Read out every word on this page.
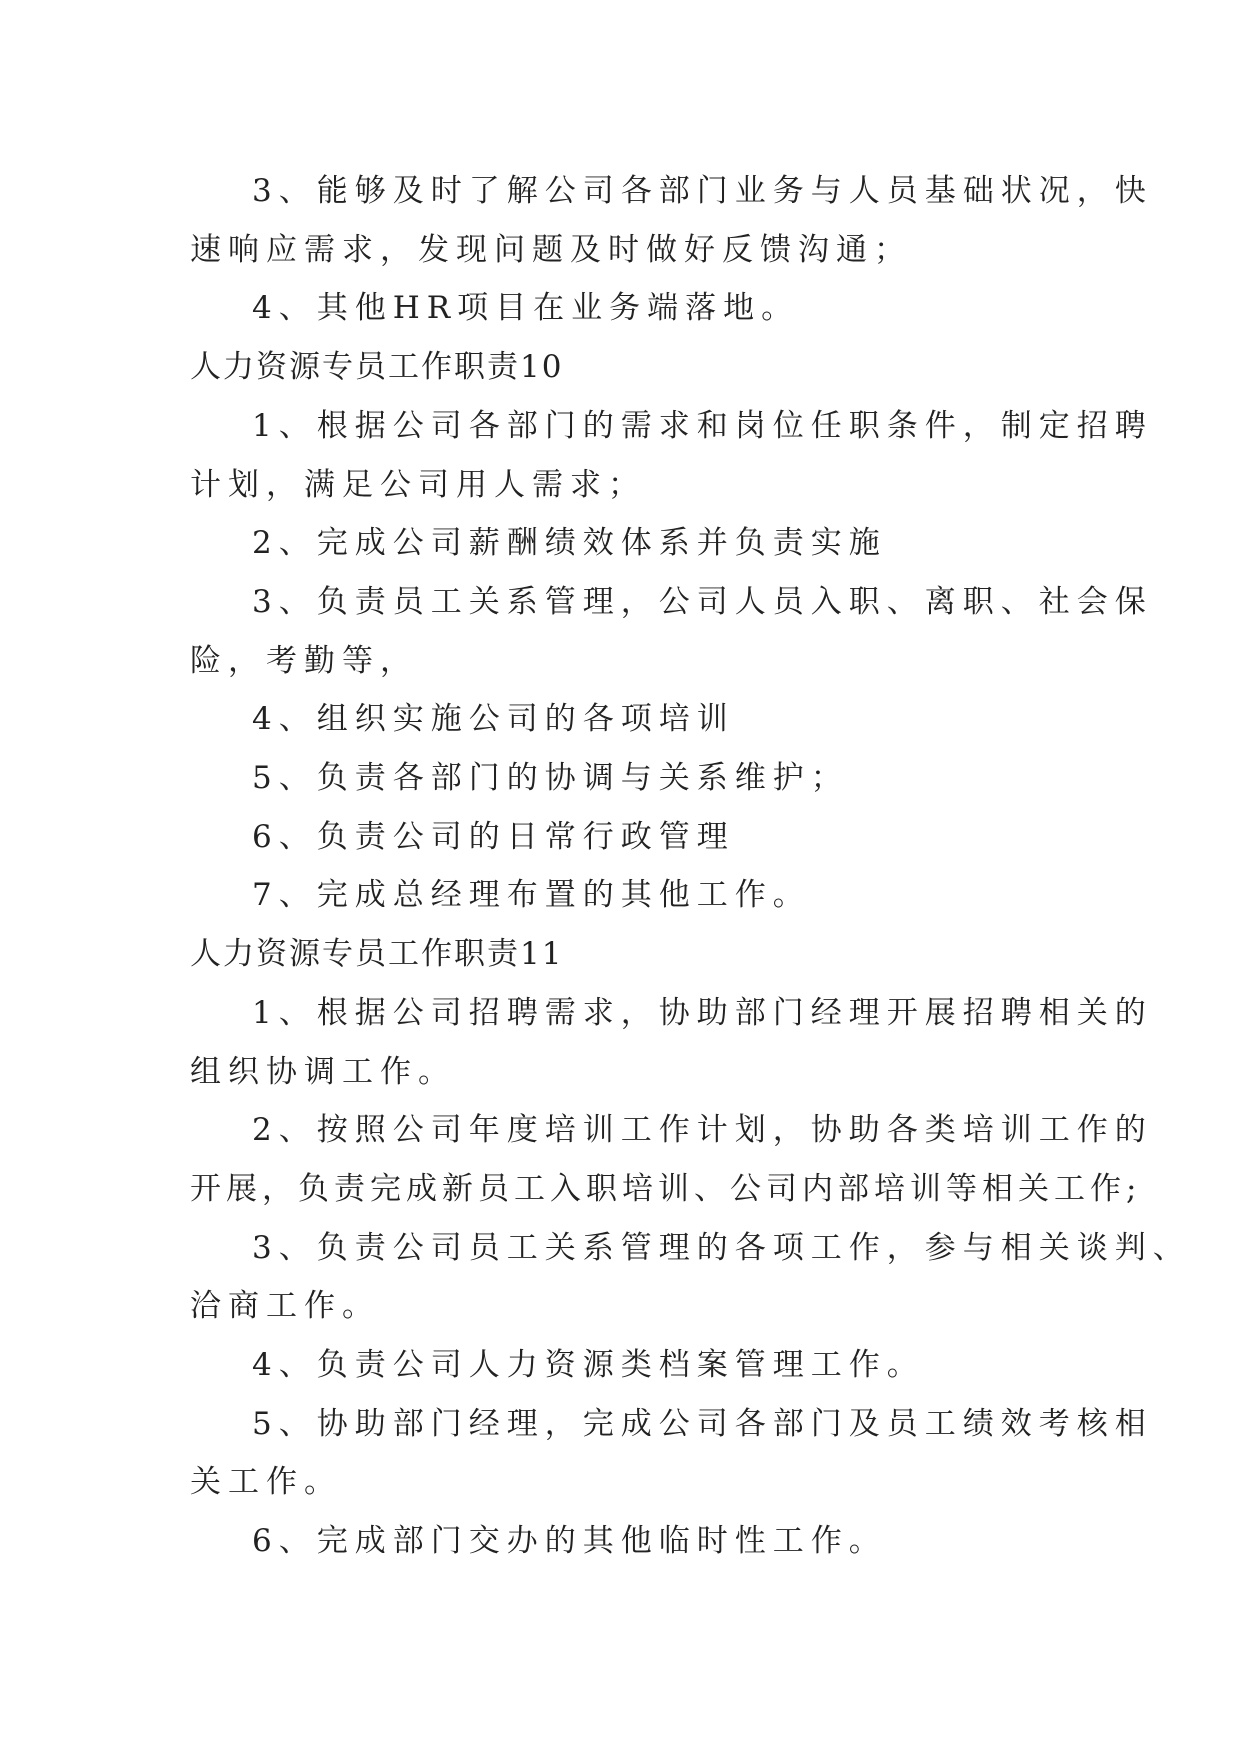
3、能够及时了解公司各部门业务与人员基础状况，快

速响应需求，发现问题及时做好反馈沟通；

4、其他HR项目在业务端落地。

人力资源专员工作职责10

1、根据公司各部门的需求和岗位任职条件，制定招聘

计划，满足公司用人需求；

2、完成公司薪酬绩效体系并负责实施

3、负责员工关系管理，公司人员入职、离职、社会保

险，考勤等，

4、组织实施公司的各项培训

5、负责各部门的协调与关系维护；

6、负责公司的日常行政管理

7、完成总经理布置的其他工作。

人力资源专员工作职责11

1、根据公司招聘需求，协助部门经理开展招聘相关的

组织协调工作。

2、按照公司年度培训工作计划，协助各类培训工作的

开展，负责完成新员工入职培训、公司内部培训等相关工作;

3、负责公司员工关系管理的各项工作，参与相关谈判、

洽商工作。

4、负责公司人力资源类档案管理工作。

5、协助部门经理，完成公司各部门及员工绩效考核相

关工作。

6、完成部门交办的其他临时性工作。
